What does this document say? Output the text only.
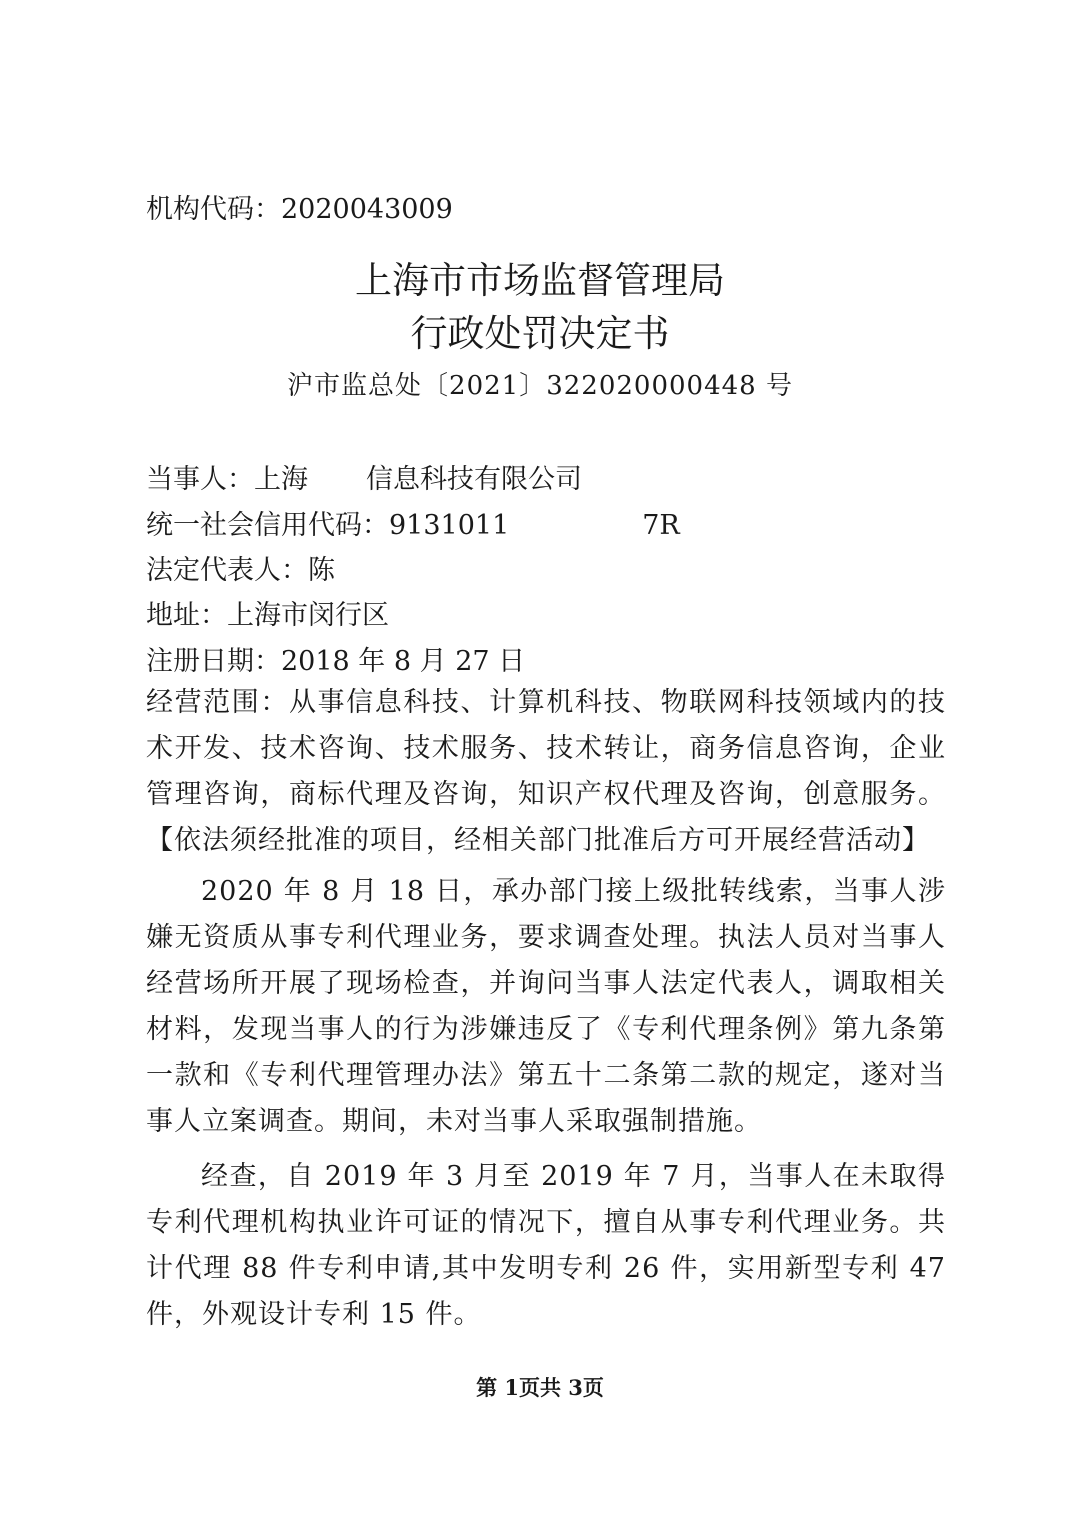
机构代码：2020043009
上海市市场监督管理局
行政处罚决定书
沪市监总处〔2021〕322020000448 号
当事人：上海 信息科技有限公司
统一社会信用代码：9131011	7R
法定代表人：陈
地址：上海市闵行区
注册日期：2018 年 8 月 27 日
经营范围：从事信息科技、计算机科技、物联网科技领域内的技术开发、技术咨询、技术服务、技术转让，商务信息咨询，企业管理咨询，商标代理及咨询，知识产权代理及咨询，创意服务。【依法须经批准的项目，经相关部门批准后方可开展经营活动】
2020 年 8 月 18 日，承办部门接上级批转线索，当事人涉嫌无资质从事专利代理业务，要求调查处理。执法人员对当事人经营场所开展了现场检查，并询问当事人法定代表人，调取相关材料，发现当事人的行为涉嫌违反了《专利代理条例》第九条第一款和《专利代理管理办法》第五十二条第二款的规定，遂对当事人立案调查。期间，未对当事人采取强制措施。
经查，自 2019 年 3 月至 2019 年 7 月，当事人在未取得专利代理机构执业许可证的情况下，擅自从事专利代理业务。共计代理 88 件专利申请,其中发明专利 26 件，实用新型专利 47 件，外观设计专利 15 件。
第 1页共 3页
